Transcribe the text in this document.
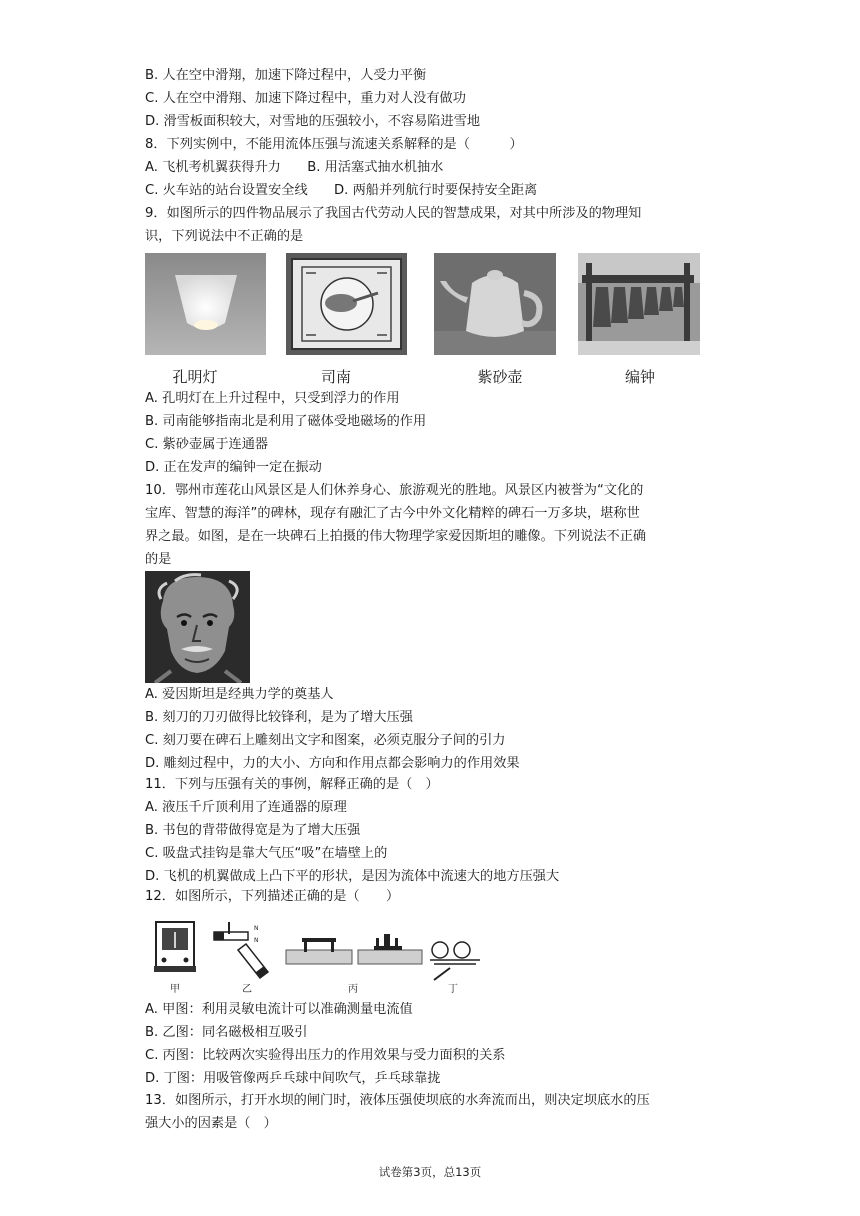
B. 人在空中滑翔，加速下降过程中，人受力平衡
C. 人在空中滑翔、加速下降过程中，重力对人没有做功
D. 滑雪板面积较大，对雪地的压强较小，不容易陷进雪地
8．下列实例中，不能用流体压强与流速关系解释的是（　　　）
A. 飞机考机翼获得升力　　B. 用活塞式抽水机抽水
C. 火车站的站台设置安全线　　D. 两船并列航行时要保持安全距离
9．如图所示的四件物品展示了我国古代劳动人民的智慧成果，对其中所涉及的物理知
识，下列说法中不正确的是
孔明灯	司南	紫砂壶	编钟
A. 孔明灯在上升过程中，只受到浮力的作用
B. 司南能够指南北是利用了磁体受地磁场的作用
C. 紫砂壶属于连通器
D. 正在发声的编钟一定在振动
10．鄂州市莲花山风景区是人们休养身心、旅游观光的胜地。风景区内被誉为“文化的
宝库、智慧的海洋”的碑林，现存有融汇了古今中外文化精粹的碑石一万多块，堪称世
界之最。如图，是在一块碑石上拍摄的伟大物理学家爱因斯坦的雕像。下列说法不正确
的是
A. 爱因斯坦是经典力学的奠基人
B. 刻刀的刀刃做得比较锋利，是为了增大压强
C. 刻刀要在碑石上雕刻出文字和图案，必须克服分子间的引力
D. 雕刻过程中，力的大小、方向和作用点都会影响力的作用效果
11．下列与压强有关的事例，解释正确的是（　）
A. 液压千斤顶利用了连通器的原理
B. 书包的背带做得宽是为了增大压强
C. 吸盘式挂钩是靠大气压“吸”在墙壁上的
D. 飞机的机翼做成上凸下平的形状，是因为流体中流速大的地方压强大
12．如图所示，下列描述正确的是（　　）
N
N
甲	乙	丙	丁
A. 甲图：利用灵敏电流计可以准确测量电流值
B. 乙图：同名磁极相互吸引
C. 丙图：比较两次实验得出压力的作用效果与受力面积的关系
D. 丁图：用吸管像两乒乓球中间吹气，乒乓球靠拢
13．如图所示，打开水坝的闸门时，液体压强使坝底的水奔流而出，则决定坝底水的压
强大小的因素是（　）
试卷第3页，总13页
